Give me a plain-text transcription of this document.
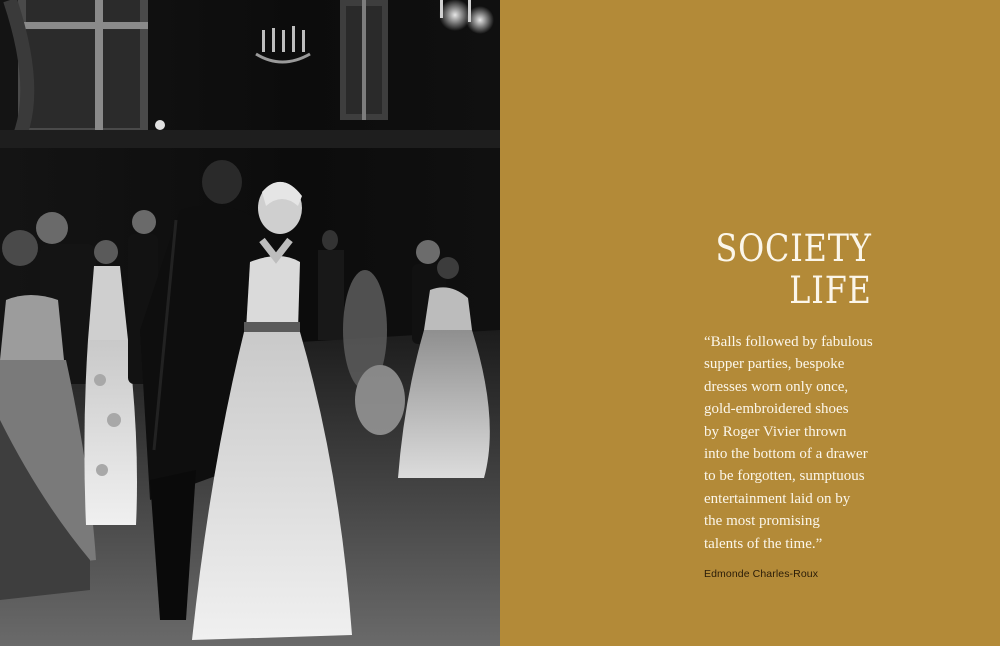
SOCIETY
LIFE

“Balls followed by fabulous
supper parties, bespoke
dresses worn only once,
gold-embroidered shoes
by Roger Vivier thrown
into the bottom of a drawer
to be forgotten, sumptuous
entertainment laid on by
the most promising
talents of the time.”

Edmonde Charles-Roux
